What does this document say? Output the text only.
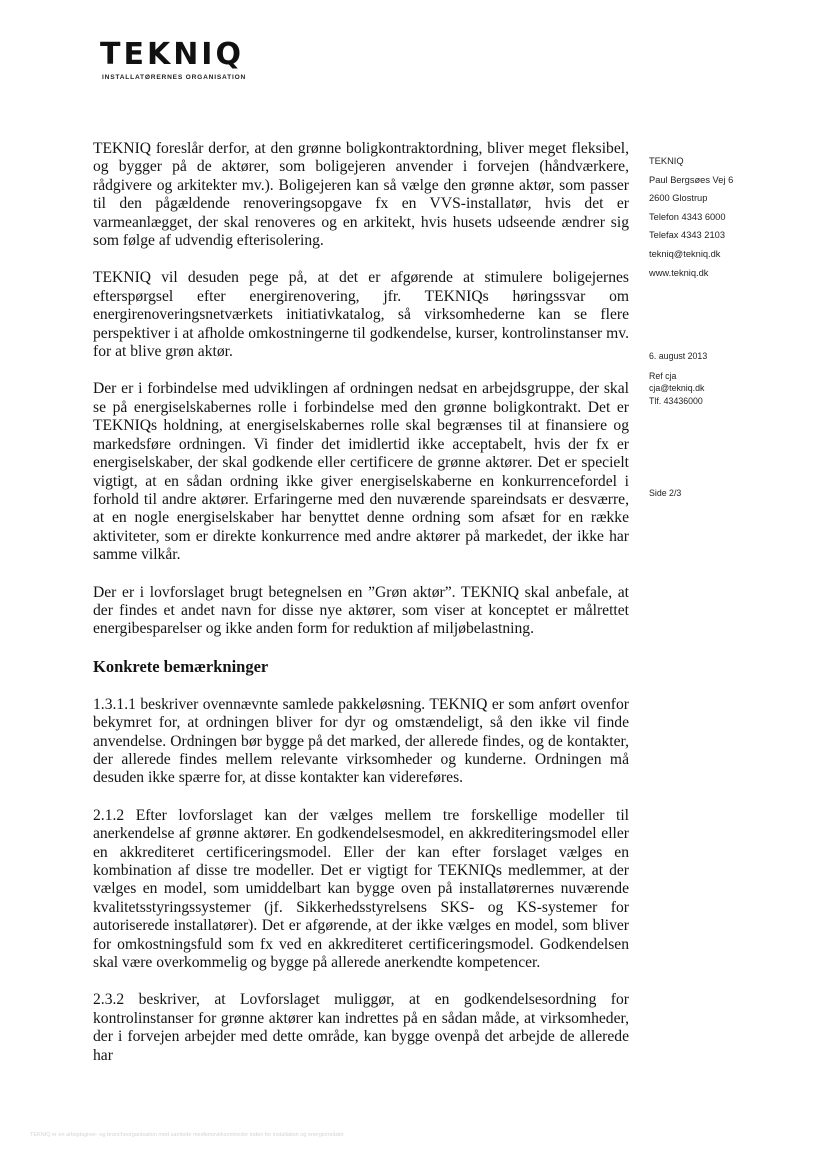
TEKNIQ
INSTALLATØRERNES ORGANISATION
TEKNIQ
Paul Bergsøes Vej 6
2600 Glostrup
Telefon 4343 6000
Telefax 4343 2103
tekniq@tekniq.dk
www.tekniq.dk
6. august 2013
Ref cja
cja@tekniq.dk
Tlf. 43436000
Side 2/3

TEKNIQ foreslår derfor, at den grønne boligkontraktordning, bliver meget fleksibel, og bygger på de aktører, som boligejeren anvender i forvejen (håndværkere, rådgivere og arkitekter mv.). Boligejeren kan så vælge den grønne aktør, som passer til den pågældende renoveringsopgave fx en VVS-installatør, hvis det er varmeanlægget, der skal renoveres og en arkitekt, hvis husets udseende ændrer sig som følge af udvendig efterisolering.

TEKNIQ vil desuden pege på, at det er afgørende at stimulere boligejernes efterspørgsel efter energirenovering, jfr. TEKNIQs høringssvar om energirenoveringsnetværkets initiativkatalog, så virksomhederne kan se flere perspektiver i at afholde omkostningerne til godkendelse, kurser, kontrolinstanser mv. for at blive grøn aktør.

Der er i forbindelse med udviklingen af ordningen nedsat en arbejdsgruppe, der skal se på energiselskabernes rolle i forbindelse med den grønne boligkontrakt. Det er TEKNIQs holdning, at energiselskabernes rolle skal begrænses til at finansiere og markedsføre ordningen. Vi finder det imidlertid ikke acceptabelt, hvis der fx er energiselskaber, der skal godkende eller certificere de grønne aktører. Det er specielt vigtigt, at en sådan ordning ikke giver energiselskaberne en konkurrencefordel i forhold til andre aktører. Erfaringerne med den nuværende spareindsats er desværre, at en nogle energiselskaber har benyttet denne ordning som afsæt for en række aktiviteter, som er direkte konkurrence med andre aktører på markedet, der ikke har samme vilkår.

Der er i lovforslaget brugt betegnelsen en ”Grøn aktør”. TEKNIQ skal anbefale, at der findes et andet navn for disse nye aktører, som viser at konceptet er målrettet energibesparelser og ikke anden form for reduktion af miljøbelastning.

Konkrete bemærkninger

1.3.1.1 beskriver ovennævnte samlede pakkeløsning. TEKNIQ er som anført ovenfor bekymret for, at ordningen bliver for dyr og omstændeligt, så den ikke vil finde anvendelse. Ordningen bør bygge på det marked, der allerede findes, og de kontakter, der allerede findes mellem relevante virksomheder og kunderne. Ordningen må desuden ikke spærre for, at disse kontakter kan videreføres.

2.1.2 Efter lovforslaget kan der vælges mellem tre forskellige modeller til anerkendelse af grønne aktører. En godkendelsesmodel, en akkrediteringsmodel eller en akkrediteret certificeringsmodel. Eller der kan efter forslaget vælges en kombination af disse tre modeller. Det er vigtigt for TEKNIQs medlemmer, at der vælges en model, som umiddelbart kan bygge oven på installatørernes nuværende kvalitetsstyringssystemer (jf. Sikkerhedsstyrelsens SKS- og KS-systemer for autoriserede installatører). Det er afgørende, at der ikke vælges en model, som bliver for omkostningsfuld som fx ved en akkrediteret certificeringsmodel. Godkendelsen skal være overkommelig og bygge på allerede anerkendte kompetencer.

2.3.2 beskriver, at Lovforslaget muliggør, at en godkendelsesordning for kontrolinstanser for grønne aktører kan indrettes på en sådan måde, at virksomheder, der i forvejen arbejder med dette område, kan bygge ovenpå det arbejde de allerede har

TEKNIQ er en arbejdsgiver- og brancheorganisation med samlede medlemsvirksomheder inden for installation og energiområdet
